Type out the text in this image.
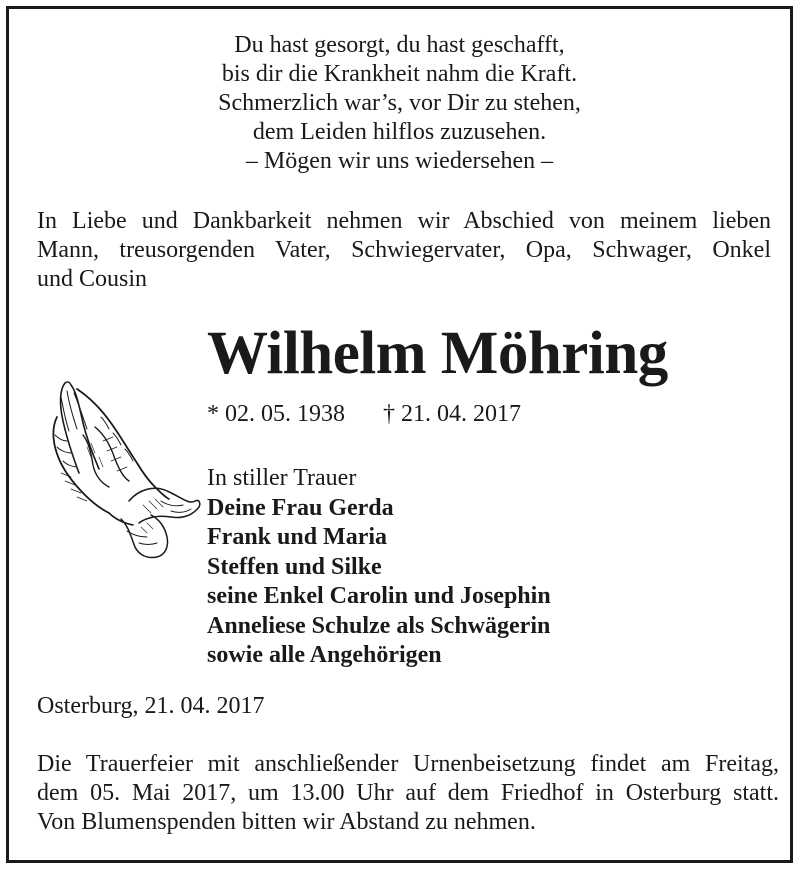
Du hast gesorgt, du hast geschafft,
bis dir die Krankheit nahm die Kraft.
Schmerzlich war’s, vor Dir zu stehen,
dem Leiden hilflos zuzusehen.
– Mögen wir uns wiedersehen –
In Liebe und Dankbarkeit nehmen wir Abschied von meinem lieben
Mann, treusorgenden Vater, Schwiegervater, Opa, Schwager, Onkel
und Cousin
Wilhelm Möhring
* 02. 05. 1938 † 21. 04. 2017
In stiller Trauer
Deine Frau Gerda
Frank und Maria
Steffen und Silke
seine Enkel Carolin und Josephin
Anneliese Schulze als Schwägerin
sowie alle Angehörigen
Osterburg, 21. 04. 2017
Die Trauerfeier mit anschließender Urnenbeisetzung findet am Freitag,
dem 05. Mai 2017, um 13.00 Uhr auf dem Friedhof in Osterburg statt.
Von Blumenspenden bitten wir Abstand zu nehmen.
